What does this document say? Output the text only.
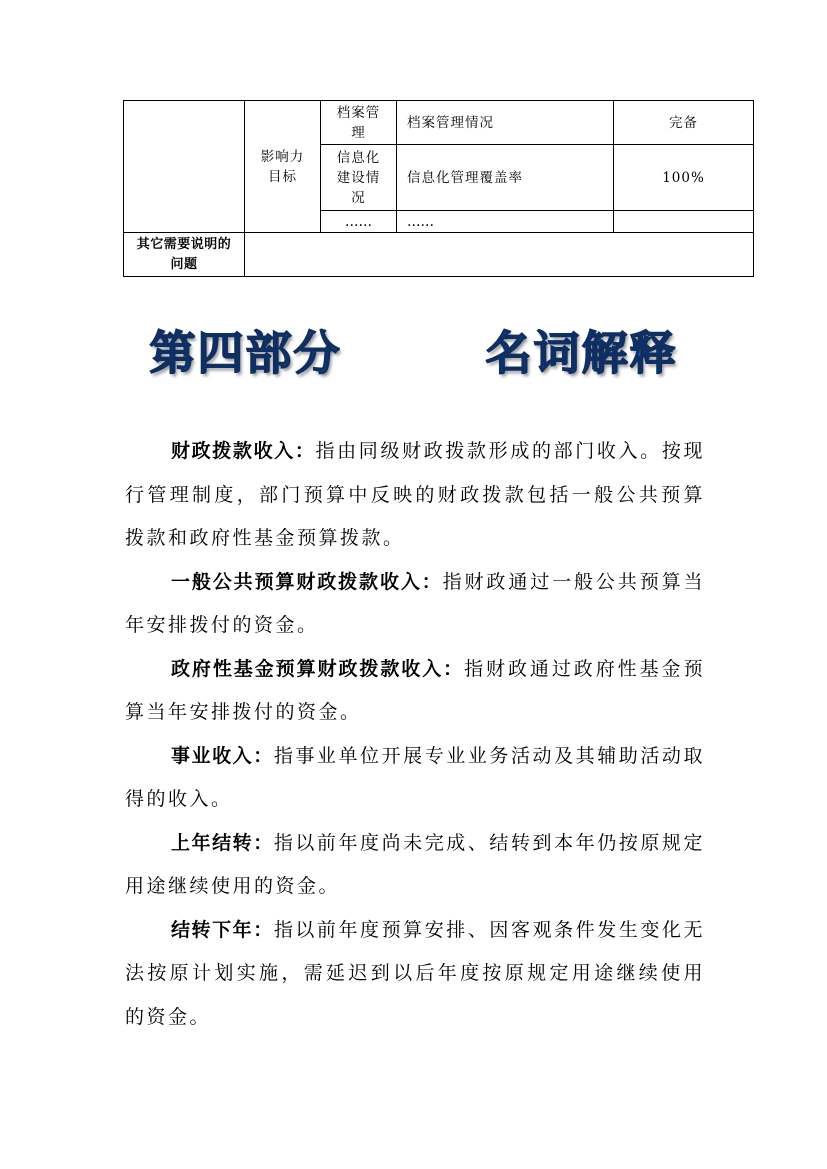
	影响力目标	档案管理	档案管理情况	完备
		信息化建设情况	信息化管理覆盖率	100%
		……	……	
其它需要说明的问题				
第四部分	名词解释

财政拨款收入：指由同级财政拨款形成的部门收入。按现行管理制度，部门预算中反映的财政拨款包括一般公共预算拨款和政府性基金预算拨款。

一般公共预算财政拨款收入：指财政通过一般公共预算当年安排拨付的资金。

政府性基金预算财政拨款收入：指财政通过政府性基金预算当年安排拨付的资金。

事业收入：指事业单位开展专业业务活动及其辅助活动取得的收入。

上年结转：指以前年度尚未完成、结转到本年仍按原规定用途继续使用的资金。

结转下年：指以前年度预算安排、因客观条件发生变化无法按原计划实施，需延迟到以后年度按原规定用途继续使用的资金。
